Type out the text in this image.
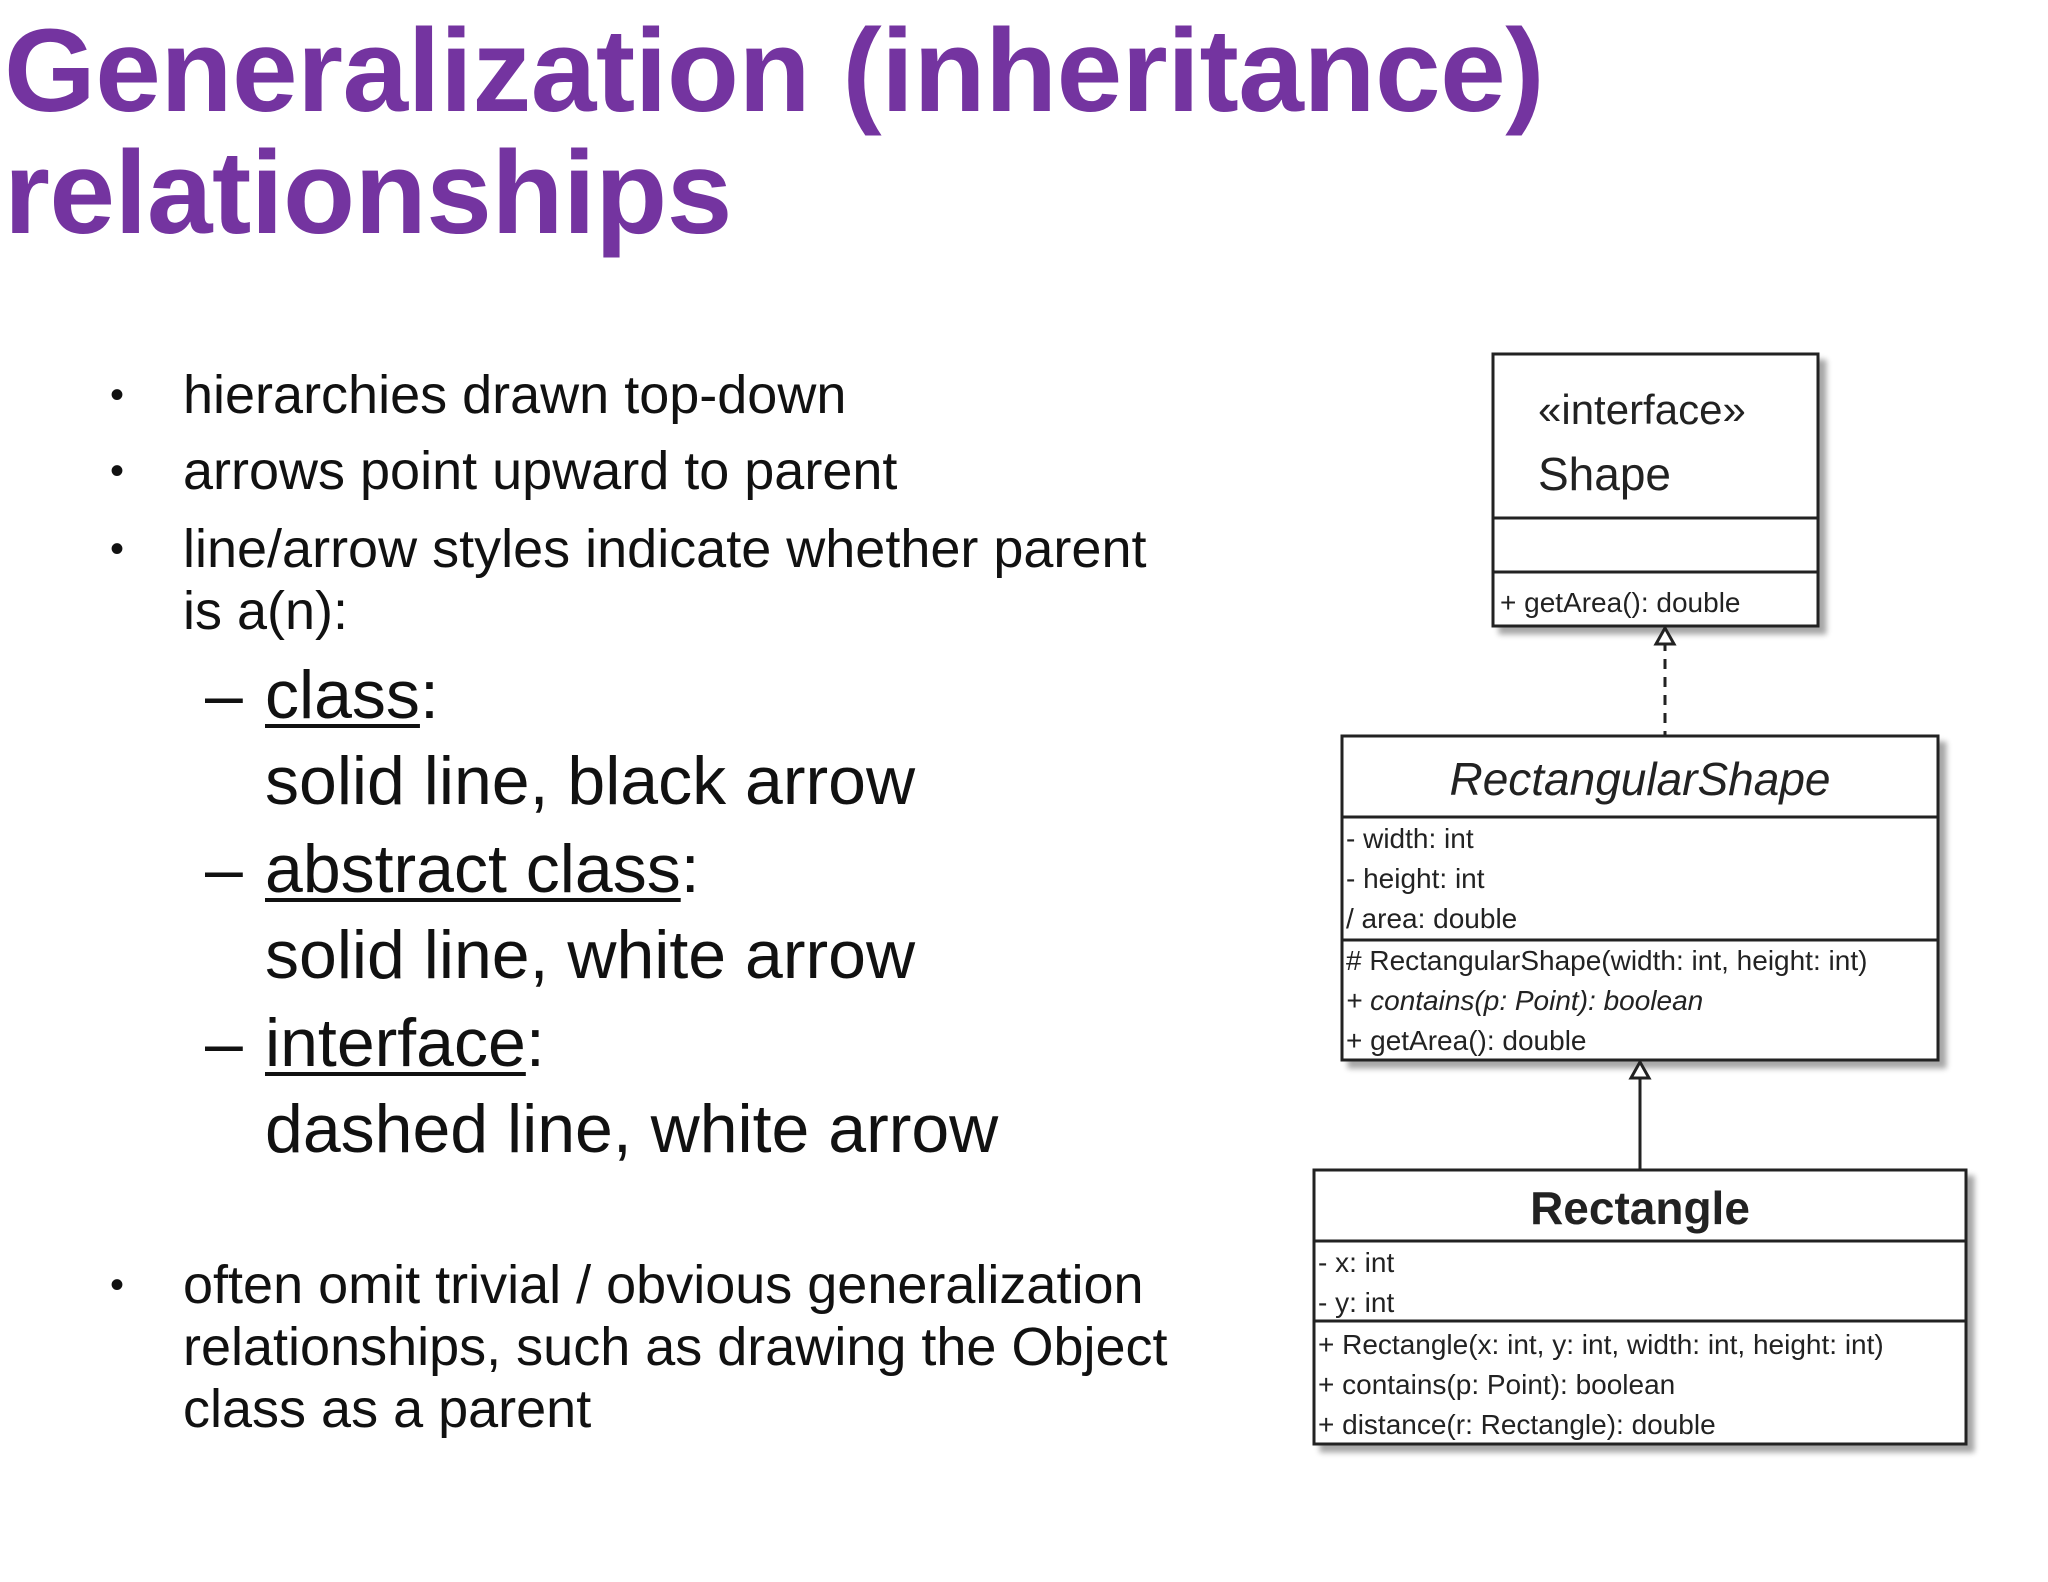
Generalization (inheritance)
relationships
• hierarchies drawn top-down
• arrows point upward to parent
• line/arrow styles indicate whether parent
is a(n):
– class:
solid line, black arrow
– abstract class:
solid line, white arrow
– interface:
dashed line, white arrow
• often omit trivial / obvious generalization
relationships, such as drawing the Object
class as a parent
«interface»
Shape
+ getArea(): double
RectangularShape
- width: int
- height: int
/ area: double
# RectangularShape(width: int, height: int)
+ contains(p: Point): boolean
+ getArea(): double
Rectangle
- x: int
- y: int
+ Rectangle(x: int, y: int, width: int, height: int)
+ contains(p: Point): boolean
+ distance(r: Rectangle): double
